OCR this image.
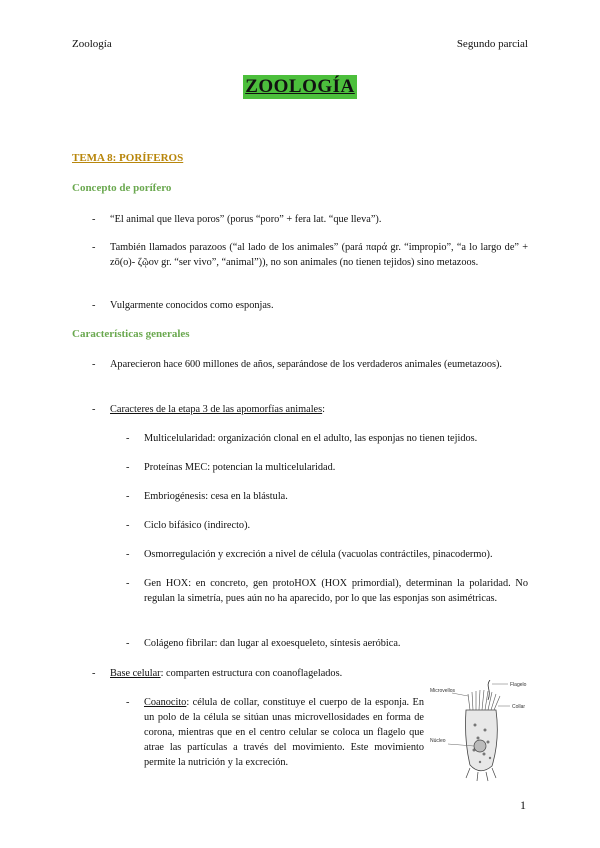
Zoología	Segundo parcial
ZOOLOGÍA
TEMA 8: PORÍFEROS
Concepto de porífero
- “El animal que lleva poros” (porus “poro” + fera lat. “que lleva”).
- También llamados parazoos (“al lado de los animales” (pará παρά gr. “impropio”, “a lo largo de” + zō(o)- ζῷον gr. “ser vivo”, “animal”)), no son animales (no tienen tejidos) sino metazoos.
- Vulgarmente conocidos como esponjas.
Características generales
- Aparecieron hace 600 millones de años, separándose de los verdaderos animales (eumetazoos).
- Caracteres de la etapa 3 de las apomorfías animales:
- Multicelularidad: organización clonal en el adulto, las esponjas no tienen tejidos.
- Proteínas MEC: potencian la multicelularidad.
- Embriogénesis: cesa en la blástula.
- Ciclo bifásico (indirecto).
- Osmorregulación y excreción a nivel de célula (vacuolas contráctiles, pinacodermo).
- Gen HOX: en concreto, gen protoHOX (HOX primordial), determinan la polaridad. No regulan la simetría, pues aún no ha aparecido, por lo que las esponjas son asimétricas.
- Colágeno fibrilar: dan lugar al exoesqueleto, síntesis aeróbica.
- Base celular: comparten estructura con coanoflagelados.
- Coanocito: célula de collar, constituye el cuerpo de la esponja. En un polo de la célula se sitúan unas microvellosidades en forma de corona, mientras que en el centro celular se coloca un flagelo que atrae las partículas a través del movimiento. Este movimiento permite la nutrición y la excreción.
Flagelo
Microvellos
Collar
Núcleo
1
